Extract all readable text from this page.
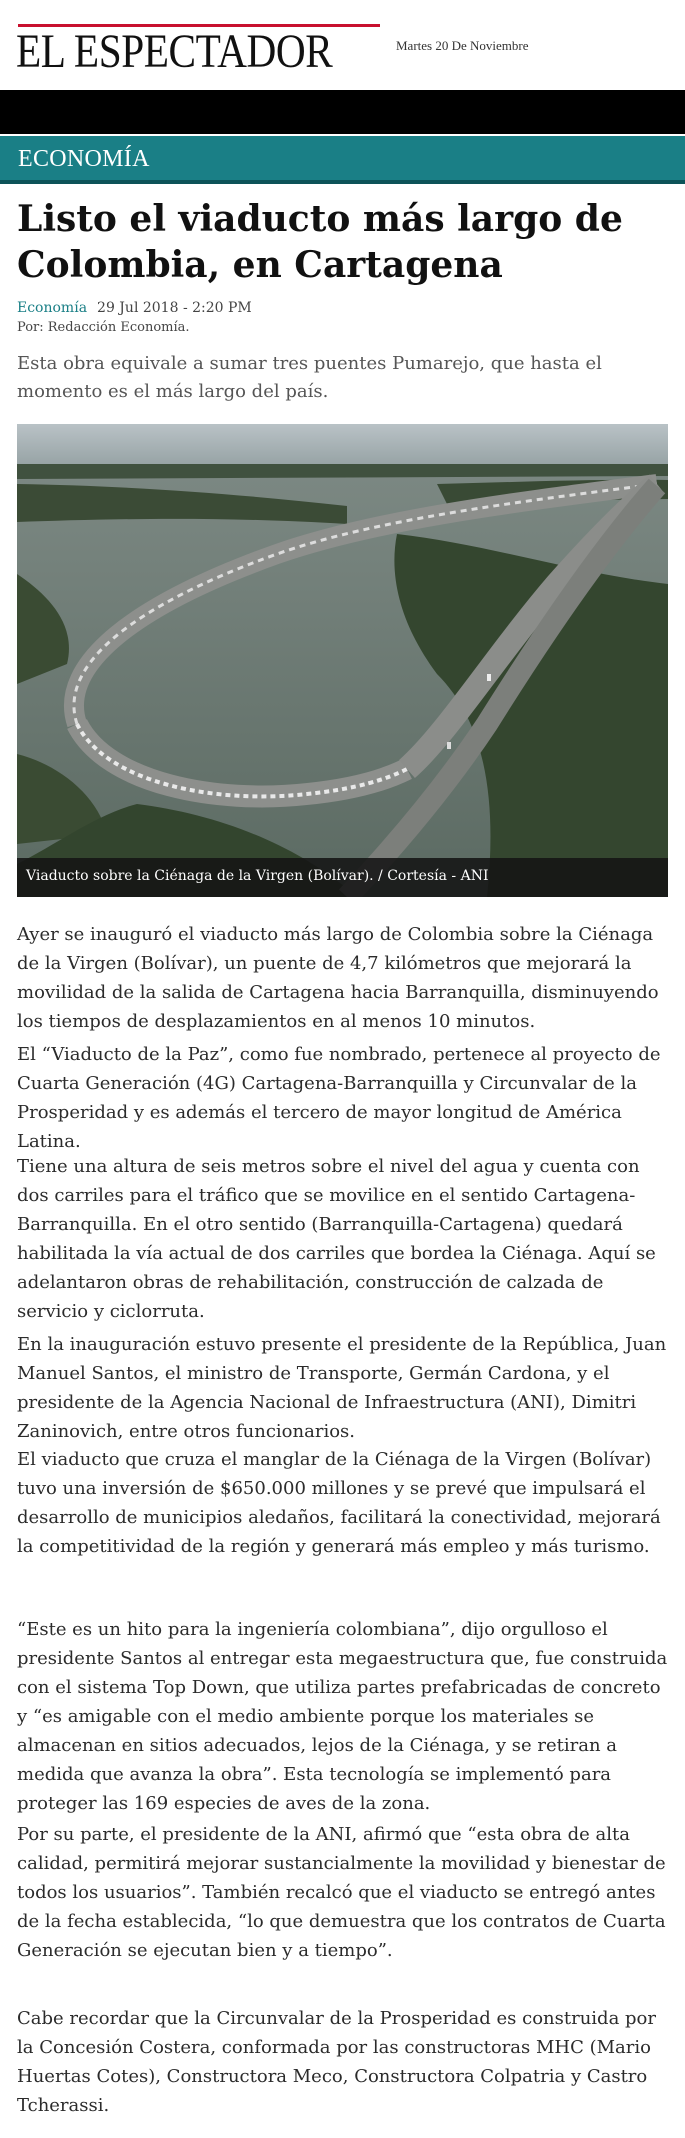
EL ESPECTADOR	Martes 20 De Noviembre
ECONOMÍA
Listo el viaducto más largo de Colombia, en Cartagena
Economía 29 Jul 2018 - 2:20 PM
Por: Redacción Economía.

Esta obra equivale a sumar tres puentes Pumarejo, que hasta el momento es el más largo del país.

Viaducto sobre la Ciénaga de la Virgen (Bolívar). / Cortesía - ANI

Ayer se inauguró el viaducto más largo de Colombia sobre la Ciénaga de la Virgen (Bolívar), un puente de 4,7 kilómetros que mejorará la movilidad de la salida de Cartagena hacia Barranquilla, disminuyendo los tiempos de desplazamientos en al menos 10 minutos.

El “Viaducto de la Paz”, como fue nombrado, pertenece al proyecto de Cuarta Generación (4G) Cartagena-Barranquilla y Circunvalar de la Prosperidad y es además el tercero de mayor longitud de América Latina.

Tiene una altura de seis metros sobre el nivel del agua y cuenta con dos carriles para el tráfico que se movilice en el sentido Cartagena-Barranquilla. En el otro sentido (Barranquilla-Cartagena) quedará habilitada la vía actual de dos carriles que bordea la Ciénaga. Aquí se adelantaron obras de rehabilitación, construcción de calzada de servicio y ciclorruta.

En la inauguración estuvo presente el presidente de la República, Juan Manuel Santos, el ministro de Transporte, Germán Cardona, y el presidente de la Agencia Nacional de Infraestructura (ANI), Dimitri Zaninovich, entre otros funcionarios.

El viaducto que cruza el manglar de la Ciénaga de la Virgen (Bolívar) tuvo una inversión de $650.000 millones y se prevé que impulsará el desarrollo de municipios aledaños, facilitará la conectividad, mejorará la competitividad de la región y generará más empleo y más turismo.

“Este es un hito para la ingeniería colombiana”, dijo orgulloso el presidente Santos al entregar esta megaestructura que, fue construida con el sistema Top Down, que utiliza partes prefabricadas de concreto y “es amigable con el medio ambiente porque los materiales se almacenan en sitios adecuados, lejos de la Ciénaga, y se retiran a medida que avanza la obra”. Esta tecnología se implementó para proteger las 169 especies de aves de la zona.

Por su parte, el presidente de la ANI, afirmó que “esta obra de alta calidad, permitirá mejorar sustancialmente la movilidad y bienestar de todos los usuarios”. También recalcó que el viaducto se entregó antes de la fecha establecida, “lo que demuestra que los contratos de Cuarta Generación se ejecutan bien y a tiempo”.

Cabe recordar que la Circunvalar de la Prosperidad es construida por la Concesión Costera, conformada por las constructoras MHC (Mario Huertas Cotes), Constructora Meco, Constructora Colpatria y Castro Tcherassi.
